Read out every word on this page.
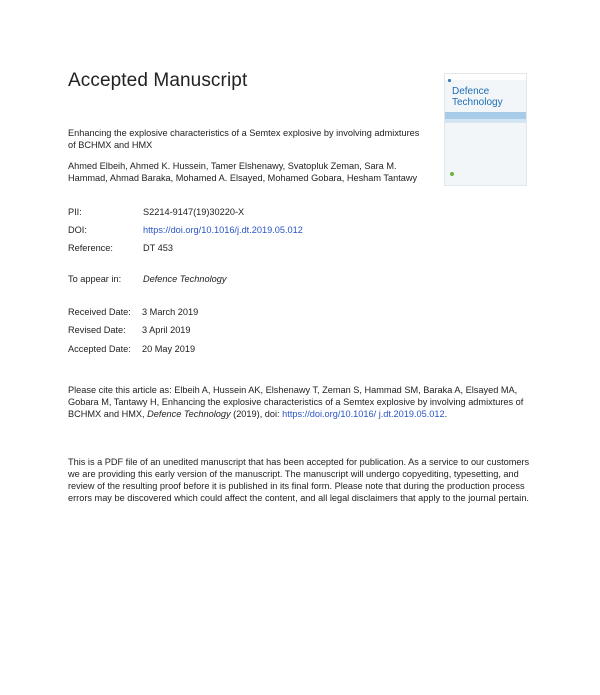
Accepted Manuscript
Defence
Technology
Enhancing the explosive characteristics of a Semtex explosive by involving admixtures of BCHMX and HMX
Ahmed Elbeih, Ahmed K. Hussein, Tamer Elshenawy, Svatopluk Zeman, Sara M. Hammad, Ahmad Baraka, Mohamed A. Elsayed, Mohamed Gobara, Hesham Tantawy
PII:	S2214-9147(19)30220-X
DOI:	https://doi.org/10.1016/j.dt.2019.05.012
Reference:	DT 453
To appear in: Defence Technology
Received Date: 3 March 2019
Revised Date: 3 April 2019
Accepted Date: 20 May 2019
Please cite this article as: Elbeih A, Hussein AK, Elshenawy T, Zeman S, Hammad SM, Baraka A, Elsayed MA, Gobara M, Tantawy H, Enhancing the explosive characteristics of a Semtex explosive by involving admixtures of BCHMX and HMX, Defence Technology (2019), doi: https://doi.org/10.1016/ j.dt.2019.05.012.
This is a PDF file of an unedited manuscript that has been accepted for publication. As a service to our customers we are providing this early version of the manuscript. The manuscript will undergo copyediting, typesetting, and review of the resulting proof before it is published in its final form. Please note that during the production process errors may be discovered which could affect the content, and all legal disclaimers that apply to the journal pertain.
